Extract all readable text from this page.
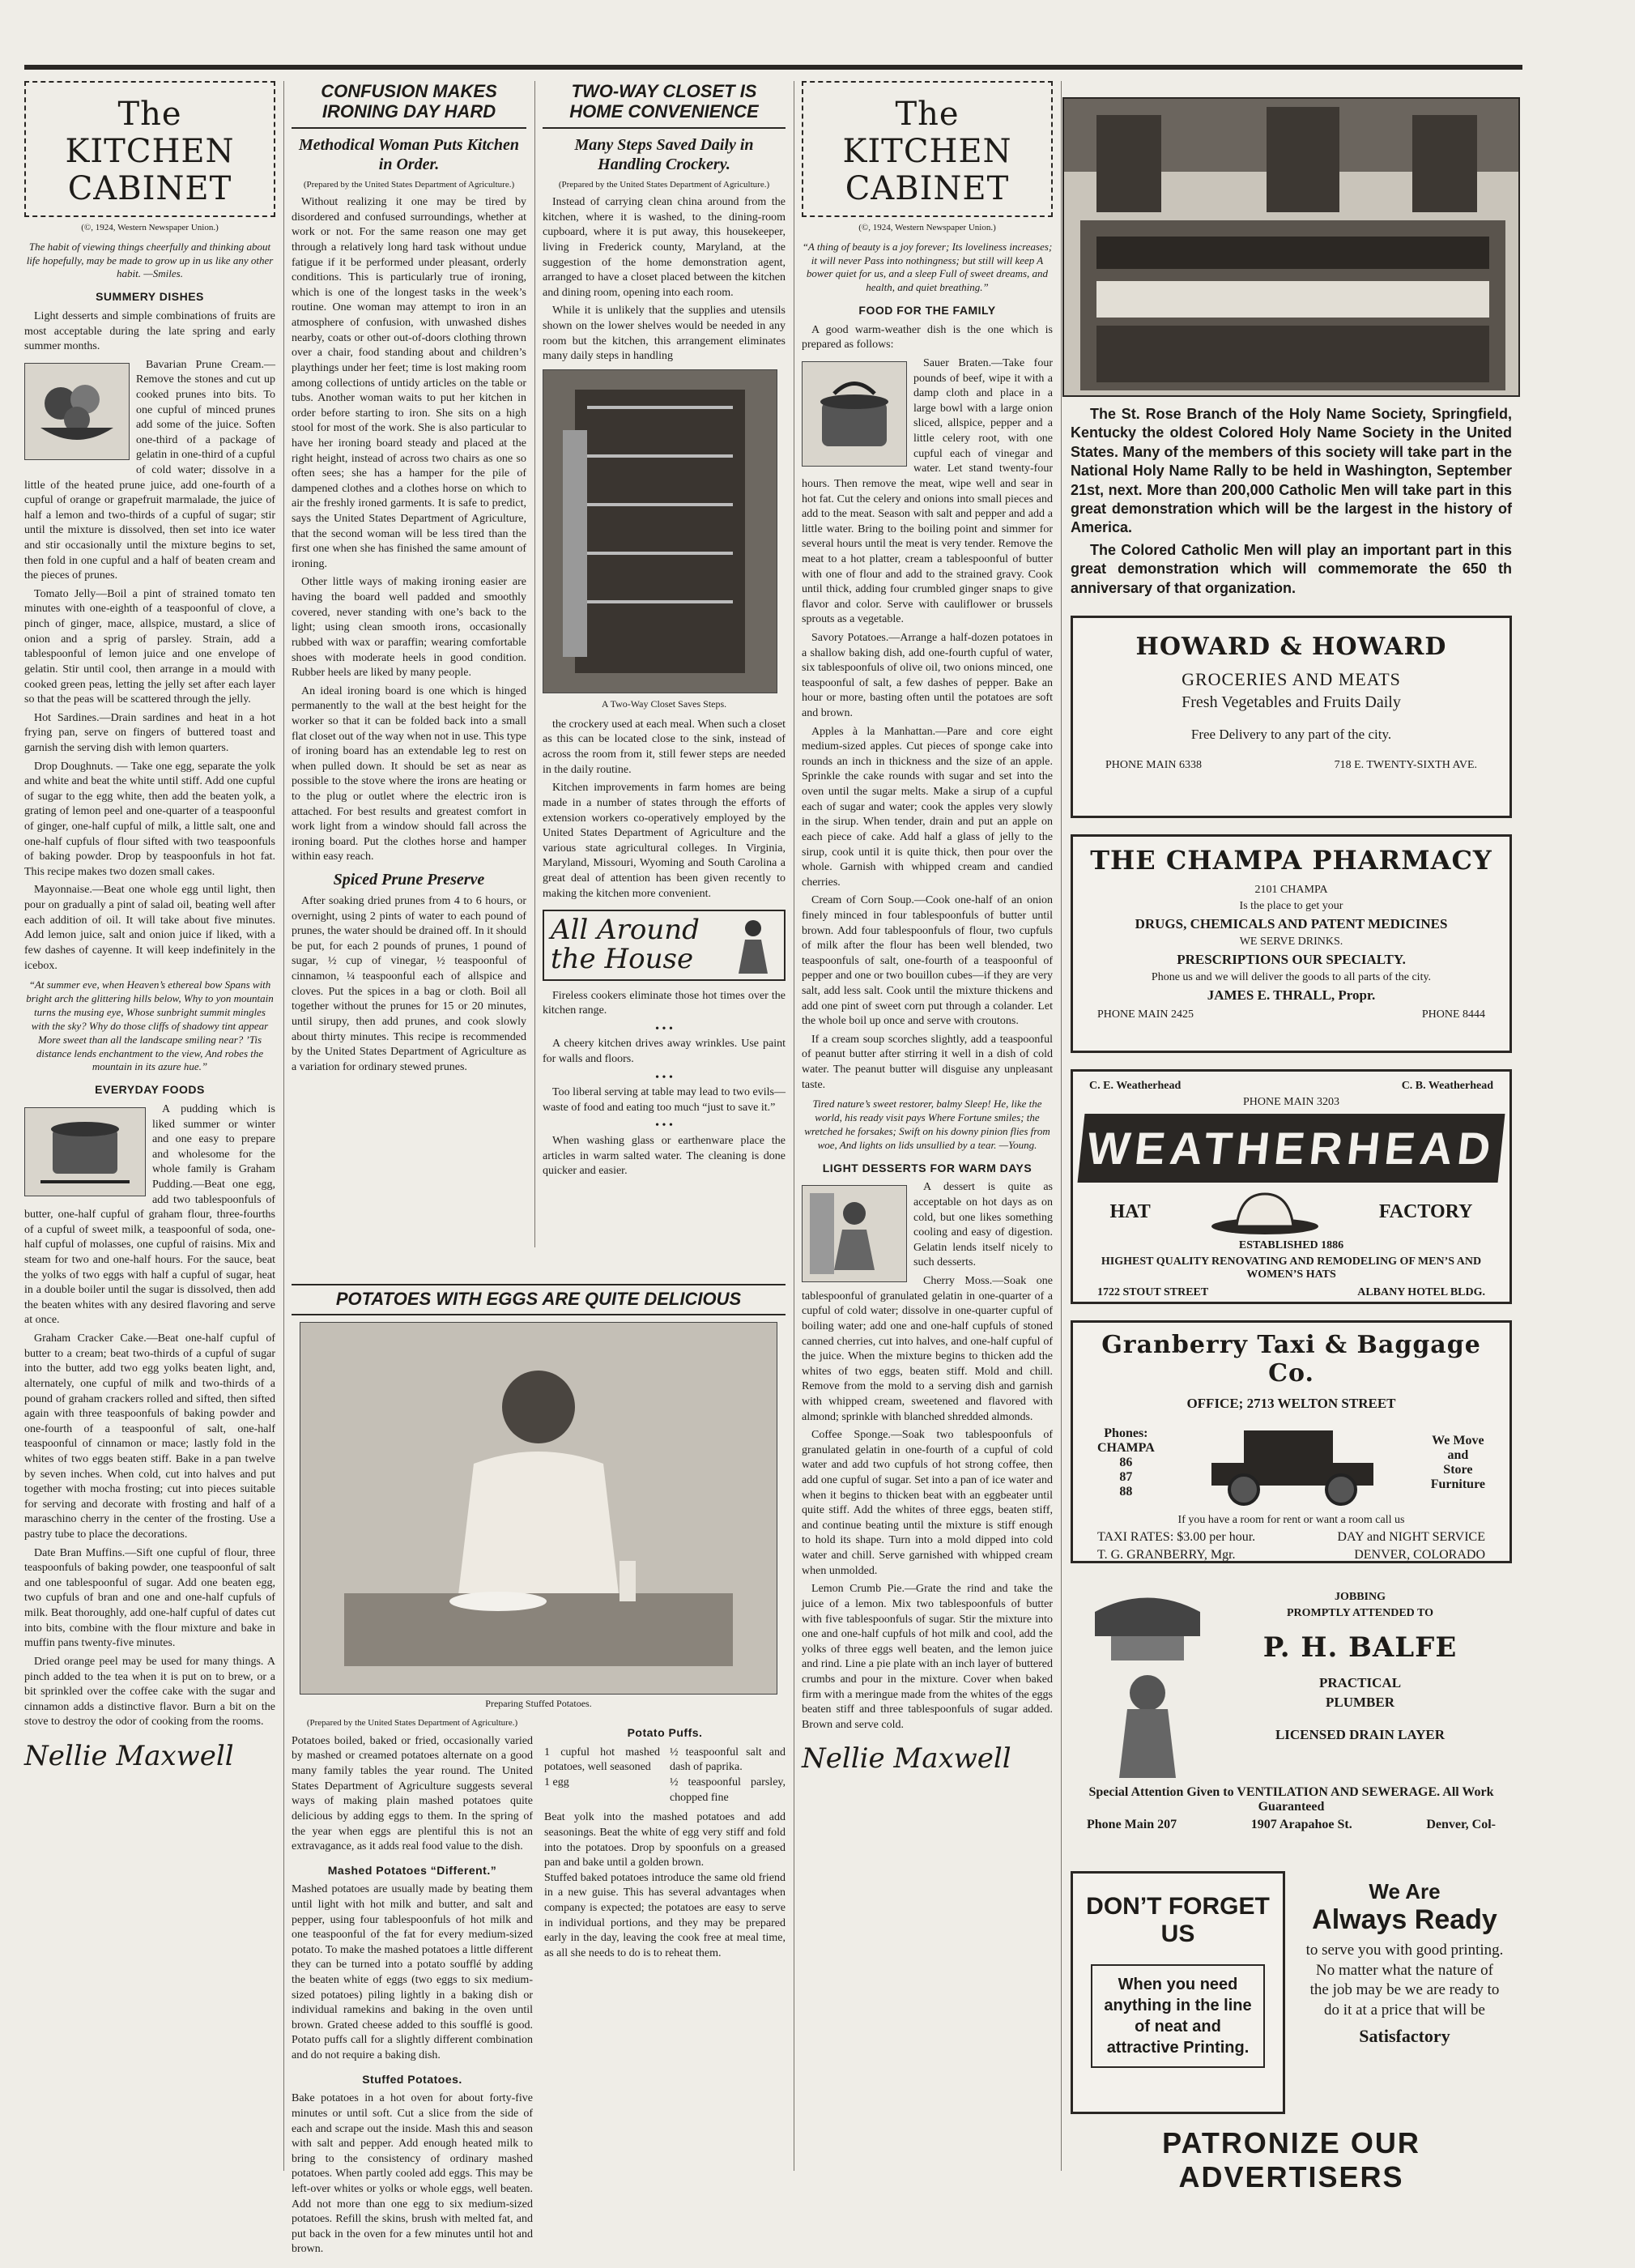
The KITCHEN
CABINET
(©, 1924, Western Newspaper Union.)
The habit of viewing things cheerfully and thinking about life hopefully, may be made to grow up in us like any other habit. —Smiles.
SUMMERY DISHES

Light desserts and simple combinations of fruits are most acceptable during the late spring and early summer months.

Bavarian Prune Cream.— Remove the stones and cut up cooked prunes into bits. To one cupful of minced prunes add some of the juice. Soften one-third of a package of gelatin in one-third of a cupful of cold water; dissolve in a little of the heated prune juice, add one-fourth of a cupful of orange or grapefruit marmalade, the juice of half a lemon and two-thirds of a cupful of sugar; stir until the mixture is dissolved, then set into ice water and stir occasionally until the mixture begins to set, then fold in one cupful and a half of beaten cream and the pieces of prunes.

Tomato Jelly—Boil a pint of strained tomato ten minutes with one-eighth of a teaspoonful of clove, a pinch of ginger, mace, allspice, mustard, a slice of onion and a sprig of parsley. Strain, add a tablespoonful of lemon juice and one envelope of gelatin. Stir until cool, then arrange in a mould with cooked green peas, letting the jelly set after each layer so that the peas will be scattered through the jelly.

Hot Sardines.—Drain sardines and heat in a hot frying pan, serve on fingers of buttered toast and garnish the serving dish with lemon quarters.

Drop Doughnuts. — Take one egg, separate the yolk and white and beat the white until stiff. Add one cupful of sugar to the egg white, then add the beaten yolk, a grating of lemon peel and one-quarter of a teaspoonful of ginger, one-half cupful of milk, a little salt, one and one-half cupfuls of flour sifted with two teaspoonfuls of baking powder. Drop by teaspoonfuls in hot fat. This recipe makes two dozen small cakes.

Mayonnaise.—Beat one whole egg until light, then pour on gradually a pint of salad oil, beating well after each addition of oil. It will take about five minutes. Add lemon juice, salt and onion juice if liked, with a few dashes of cayenne. It will keep indefinitely in the icebox.

“At summer eve, when Heaven’s ethereal bow Spans with bright arch the glittering hills below, Why to yon mountain turns the musing eye, Whose sunbright summit mingles with the sky? Why do those cliffs of shadowy tint appear More sweet than all the landscape smiling near? ’Tis distance lends enchantment to the view, And robes the mountain in its azure hue.”
EVERYDAY FOODS

A pudding which is liked summer or winter and one easy to prepare and wholesome for the whole family is Graham Pudding.—Beat one egg, add two tablespoonfuls of butter, one-half cupful of graham flour, three-fourths of a cupful of sweet milk, a teaspoonful of soda, one-half cupful of molasses, one cupful of raisins. Mix and steam for two and one-half hours. For the sauce, beat the yolks of two eggs with half a cupful of sugar, heat in a double boiler until the sugar is dissolved, then add the beaten whites with any desired flavoring and serve at once.

Graham Cracker Cake.—Beat one-half cupful of butter to a cream; beat two-thirds of a cupful of sugar into the butter, add two egg yolks beaten light, and, alternately, one cupful of milk and two-thirds of a pound of graham crackers rolled and sifted, then sifted again with three teaspoonfuls of baking powder and one-fourth of a teaspoonful of salt, one-half teaspoonful of cinnamon or mace; lastly fold in the whites of two eggs beaten stiff. Bake in a pan twelve by seven inches. When cold, cut into halves and put together with mocha frosting; cut into pieces suitable for serving and decorate with frosting and half of a maraschino cherry in the center of the frosting. Use a pastry tube to place the decorations.

Date Bran Muffins.—Sift one cupful of flour, three teaspoonfuls of baking powder, one teaspoonful of salt and one tablespoonful of sugar. Add one beaten egg, two cupfuls of bran and one and one-half cupfuls of milk. Beat thoroughly, add one-half cupful of dates cut into bits, combine with the flour mixture and bake in muffin pans twenty-five minutes.

Dried orange peel may be used for many things. A pinch added to the tea when it is put on to brew, or a bit sprinkled over the coffee cake with the sugar and cinnamon adds a distinctive flavor. Burn a bit on the stove to destroy the odor of cooking from the rooms.

Nellie Maxwell
CONFUSION MAKES IRONING DAY HARD
Methodical Woman Puts Kitchen in Order.
(Prepared by the United States Department of Agriculture.)

Without realizing it one may be tired by disordered and confused surroundings, whether at work or not. For the same reason one may get through a relatively long hard task without undue fatigue if it be performed under pleasant, orderly conditions. This is particularly true of ironing, which is one of the longest tasks in the week’s routine. One woman may attempt to iron in an atmosphere of confusion, with unwashed dishes nearby, coats or other out-of-doors clothing thrown over a chair, food standing about and children’s playthings under her feet; time is lost making room among collections of untidy articles on the table or tubs. Another woman waits to put her kitchen in order before starting to iron. She sits on a high stool for most of the work. She is also particular to have her ironing board steady and placed at the right height, instead of across two chairs as one so often sees; she has a hamper for the pile of dampened clothes and a clothes horse on which to air the freshly ironed garments. It is safe to predict, says the United States Department of Agriculture, that the second woman will be less tired than the first one when she has finished the same amount of ironing.

Other little ways of making ironing easier are having the board well padded and smoothly covered, never standing with one’s back to the light; using clean smooth irons, occasionally rubbed with wax or paraffin; wearing comfortable shoes with moderate heels in good condition. Rubber heels are liked by many people.

An ideal ironing board is one which is hinged permanently to the wall at the best height for the worker so that it can be folded back into a small flat closet out of the way when not in use. This type of ironing board has an extendable leg to rest on when pulled down. It should be set as near as possible to the stove where the irons are heating or to the plug or outlet where the electric iron is attached. For best results and greatest comfort in work light from a window should fall across the ironing board. Put the clothes horse and hamper within easy reach.

Spiced Prune Preserve

After soaking dried prunes from 4 to 6 hours, or overnight, using 2 pints of water to each pound of prunes, the water should be drained off. In it should be put, for each 2 pounds of prunes, 1 pound of sugar, ½ cup of vinegar, ½ teaspoonful of cinnamon, ¼ teaspoonful each of allspice and cloves. Put the spices in a bag or cloth. Boil all together without the prunes for 15 or 20 minutes, until sirupy, then add prunes, and cook slowly about thirty minutes. This recipe is recommended by the United States Department of Agriculture as a variation for ordinary stewed prunes.

TWO-WAY CLOSET IS HOME CONVENIENCE
Many Steps Saved Daily in Handling Crockery.
(Prepared by the United States Department of Agriculture.)

Instead of carrying clean china around from the kitchen, where it is washed, to the dining-room cupboard, where it is put away, this housekeeper, living in Frederick county, Maryland, at the suggestion of the home demonstration agent, arranged to have a closet placed between the kitchen and dining room, opening into each room.

While it is unlikely that the supplies and utensils shown on the lower shelves would be needed in any room but the kitchen, this arrangement eliminates many daily steps in handling

A Two-Way Closet Saves Steps.

the crockery used at each meal. When such a closet as this can be located close to the sink, instead of across the room from it, still fewer steps are needed in the daily routine.

Kitchen improvements in farm homes are being made in a number of states through the efforts of extension workers co-operatively employed by the United States Department of Agriculture and the various state agricultural colleges. In Virginia, Maryland, Missouri, Wyoming and South Carolina a great deal of attention has been given recently to making the kitchen more convenient.

All Around
the House

Fireless cookers eliminate those hot times over the kitchen range.

• • •

A cheery kitchen drives away wrinkles. Use paint for walls and floors.

• • •

Too liberal serving at table may lead to two evils—waste of food and eating too much “just to save it.”

• • •

When washing glass or earthenware place the articles in warm salted water. The cleaning is done quicker and easier.

POTATOES WITH EGGS ARE QUITE DELICIOUS
Preparing Stuffed Potatoes.
(Prepared by the United States Department of Agriculture.)

Potatoes boiled, baked or fried, occasionally varied by mashed or creamed potatoes alternate on a good many family tables the year round. The United States Department of Agriculture suggests several ways of making plain mashed potatoes quite delicious by adding eggs to them. In the spring of the year when eggs are plentiful this is not an extravagance, as it adds real food value to the dish.

Mashed Potatoes “Different.”

Mashed potatoes are usually made by beating them until light with hot milk and butter, and salt and pepper, using four tablespoonfuls of hot milk and one teaspoonful of the fat for every medium-sized potato. To make the mashed potatoes a little different they can be turned into a potato soufflé by adding the beaten white of eggs (two eggs to six medium-sized potatoes) piling lightly in a baking dish or individual ramekins and baking in the oven until brown. Grated cheese added to this soufflé is good. Potato puffs call for a slightly different combination and do not require a baking dish.

Stuffed Potatoes.

Bake potatoes in a hot oven for about forty-five minutes or until soft. Cut a slice from the side of each and scrape out the inside. Mash this and season with salt and pepper. Add enough heated milk to bring to the consistency of ordinary mashed potatoes. When partly cooled add eggs. This may be left-over whites or yolks or whole eggs, well beaten. Add not more than one egg to six medium-sized potatoes. Refill the skins, brush with melted fat, and put back in the oven for a few minutes until hot and brown.

Potato Puffs.
1 cupful hot mashed potatoes, well seasoned
1 egg
½ teaspoonful salt and dash of paprika.
½ teaspoonful parsley, chopped fine

Beat yolk into the mashed potatoes and add seasonings. Beat the white of egg very stiff and fold into the potatoes. Drop by spoonfuls on a greased pan and bake until a golden brown.

Stuffed baked potatoes introduce the same old friend in a new guise. This has several advantages when company is expected; the potatoes are easy to serve in individual portions, and they may be prepared early in the day, leaving the cook free at meal time, as all she needs to do is to reheat them.

The KITCHEN
CABINET
(©, 1924, Western Newspaper Union.)
“A thing of beauty is a joy forever; Its loveliness increases; it will never Pass into nothingness; but still will keep A bower quiet for us, and a sleep Full of sweet dreams, and health, and quiet breathing.”
FOOD FOR THE FAMILY

A good warm-weather dish is the one which is prepared as follows:

Sauer Braten.—Take four pounds of beef, wipe it with a damp cloth and place in a large bowl with a large onion sliced, allspice, pepper and a little celery root, with one cupful each of vinegar and water. Let stand twenty-four hours. Then remove the meat, wipe well and sear in hot fat. Cut the celery and onions into small pieces and add to the meat. Season with salt and pepper and add a little water. Bring to the boiling point and simmer for several hours until the meat is very tender. Remove the meat to a hot platter, cream a tablespoonful of butter with one of flour and add to the strained gravy. Cook until thick, adding four crumbled ginger snaps to give flavor and color. Serve with cauliflower or brussels sprouts as a vegetable.

Savory Potatoes.—Arrange a half-dozen potatoes in a shallow baking dish, add one-fourth cupful of water, six tablespoonfuls of olive oil, two onions minced, one teaspoonful of salt, a few dashes of pepper. Bake an hour or more, basting often until the potatoes are soft and brown.

Apples à la Manhattan.—Pare and core eight medium-sized apples. Cut pieces of sponge cake into rounds an inch in thickness and the size of an apple. Sprinkle the cake rounds with sugar and set into the oven until the sugar melts. Make a sirup of a cupful each of sugar and water; cook the apples very slowly in the sirup. When tender, drain and put an apple on each piece of cake. Add half a glass of jelly to the sirup, cook until it is quite thick, then pour over the whole. Garnish with whipped cream and candied cherries.

Cream of Corn Soup.—Cook one-half of an onion finely minced in four tablespoonfuls of butter until brown. Add four tablespoonfuls of flour, two cupfuls of milk after the flour has been well blended, two teaspoonfuls of salt, one-fourth of a teaspoonful of pepper and one or two bouillon cubes—if they are very salt, add less salt. Cook until the mixture thickens and add one pint of sweet corn put through a colander. Let the whole boil up once and serve with croutons.

If a cream soup scorches slightly, add a teaspoonful of peanut butter after stirring it well in a dish of cold water. The peanut butter will disguise any unpleasant taste.

Tired nature’s sweet restorer, balmy Sleep! He, like the world, his ready visit pays Where Fortune smiles; the wretched he forsakes; Swift on his downy pinion flies from woe, And lights on lids unsullied by a tear. —Young.
LIGHT DESSERTS FOR WARM DAYS

A dessert is quite as acceptable on hot days as on cold, but one likes something cooling and easy of digestion. Gelatin lends itself nicely to such desserts.

Cherry Moss.—Soak one tablespoonful of granulated gelatin in one-quarter of a cupful of cold water; dissolve in one-quarter cupful of boiling water; add one and one-half cupfuls of stoned canned cherries, cut into halves, and one-half cupful of the juice. When the mixture begins to thicken add the whites of two eggs, beaten stiff. Mold and chill. Remove from the mold to a serving dish and garnish with whipped cream, sweetened and flavored with almond; sprinkle with blanched shredded almonds.

Coffee Sponge.—Soak two tablespoonfuls of granulated gelatin in one-fourth of a cupful of cold water and add two cupfuls of hot strong coffee, then add one cupful of sugar. Set into a pan of ice water and when it begins to thicken beat with an eggbeater until quite stiff. Add the whites of three eggs, beaten stiff, and continue beating until the mixture is stiff enough to hold its shape. Turn into a mold dipped into cold water and chill. Serve garnished with whipped cream when unmolded.

Lemon Crumb Pie.—Grate the rind and take the juice of a lemon. Mix two tablespoonfuls of butter with five tablespoonfuls of sugar. Stir the mixture into one and one-half cupfuls of hot milk and cool, add the yolks of three eggs well beaten, and the lemon juice and rind. Line a pie plate with an inch layer of buttered crumbs and pour in the mixture. Cover when baked firm with a meringue made from the whites of the eggs beaten stiff and three tablespoonfuls of sugar added. Brown and serve cold.

Nellie Maxwell

The St. Rose Branch of the Holy Name Society, Springfield, Kentucky the oldest Colored Holy Name Society in the United States. Many of the members of this society will take part in the National Holy Name Rally to be held in Washington, September 21st, next. More than 200,000 Catholic Men will take part in this great demonstration which will be the largest in the history of America.

The Colored Catholic Men will play an important part in this great demonstration which will commemorate the 650 th anniversary of that organization.

HOWARD & HOWARD
GROCERIES AND MEATS
Fresh Vegetables and Fruits Daily
Free Delivery to any part of the city.
PHONE MAIN 6338	718 E. TWENTY-SIXTH AVE.
THE CHAMPA PHARMACY
2101 CHAMPA
Is the place to get your
DRUGS, CHEMICALS AND PATENT MEDICINES
WE SERVE DRINKS.
PRESCRIPTIONS OUR SPECIALTY.
Phone us and we will deliver the goods to all parts of the city.
JAMES E. THRALL, Propr.
PHONE MAIN 2425	PHONE 8444
C. E. Weatherhead	C. B. Weatherhead
PHONE MAIN 3203
WEATHERHEAD
HAT	FACTORY
ESTABLISHED 1886
HIGHEST QUALITY RENOVATING AND REMODELING OF MEN’S AND WOMEN’S HATS
1722 STOUT STREET	ALBANY HOTEL BLDG.
Granberry Taxi & Baggage Co.
OFFICE; 2713 WELTON STREET
Phones:
CHAMPA
86
87
88
We Move
and
Store
Furniture
If you have a room for rent or want a room call us
TAXI RATES: $3.00 per hour.	DAY and NIGHT SERVICE
T. G. GRANBERRY, Mgr.	DENVER, COLORADO
JOBBING
PROMPTLY ATTENDED TO
P. H. BALFE
PRACTICAL
PLUMBER
LICENSED DRAIN LAYER
Special Attention Given to VENTILATION AND SEWERAGE. All Work Guaranteed
Phone Main 207	1907 Arapahoe St.	Denver, Col-
DON’T FORGET
US
When you need anything in the line of neat and attractive Printing.
We Are
Always Ready
to serve you with good printing. No matter what the nature of the job may be we are ready to do it at a price that will be
Satisfactory
PATRONIZE OUR ADVERTISERS
